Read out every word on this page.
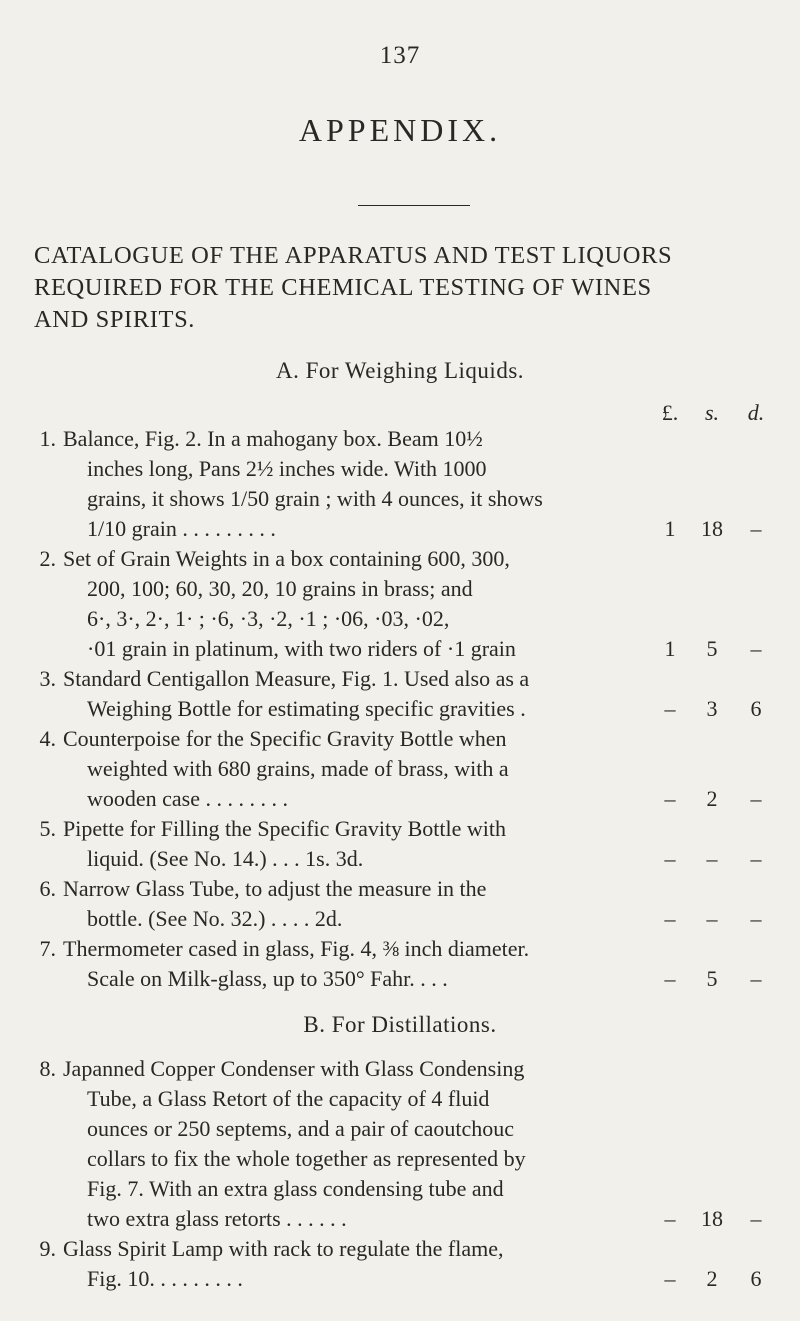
137
APPENDIX.
CATALOGUE OF THE APPARATUS AND TEST LIQUORS
REQUIRED FOR THE CHEMICAL TESTING OF WINES
AND SPIRITS.
A. For Weighing Liquids.
£.	s.	d.
1. Balance, Fig. 2. In a mahogany box. Beam 10½
inches long, Pans 2½ inches wide. With 1000
grains, it shows 1/50 grain ; with 4 ounces, it shows
1/10 grain . . . . . . . . .	1	18	–
2. Set of Grain Weights in a box containing 600, 300,
200, 100; 60, 30, 20, 10 grains in brass; and
6·, 3·, 2·, 1· ; ·6, ·3, ·2, ·1 ; ·06, ·03, ·02,
·01 grain in platinum, with two riders of ·1 grain	1	5	–
3. Standard Centigallon Measure, Fig. 1. Used also as a
Weighing Bottle for estimating specific gravities .	–	3	6
4. Counterpoise for the Specific Gravity Bottle when
weighted with 680 grains, made of brass, with a
wooden case . . . . . . . .	–	2	–
5. Pipette for Filling the Specific Gravity Bottle with
liquid. (See No. 14.) . . . 1s. 3d.	–	–	–
6. Narrow Glass Tube, to adjust the measure in the
bottle. (See No. 32.) . . . . 2d.	–	–	–
7. Thermometer cased in glass, Fig. 4, ⅜ inch diameter.
Scale on Milk-glass, up to 350° Fahr. . . .	–	5	–
B. For Distillations.
8. Japanned Copper Condenser with Glass Condensing
Tube, a Glass Retort of the capacity of 4 fluid
ounces or 250 septems, and a pair of caoutchouc
collars to fix the whole together as represented by
Fig. 7. With an extra glass condensing tube and
two extra glass retorts . . . . . .	–	18	–
9. Glass Spirit Lamp with rack to regulate the flame,
Fig. 10. . . . . . . . .	–	2	6
